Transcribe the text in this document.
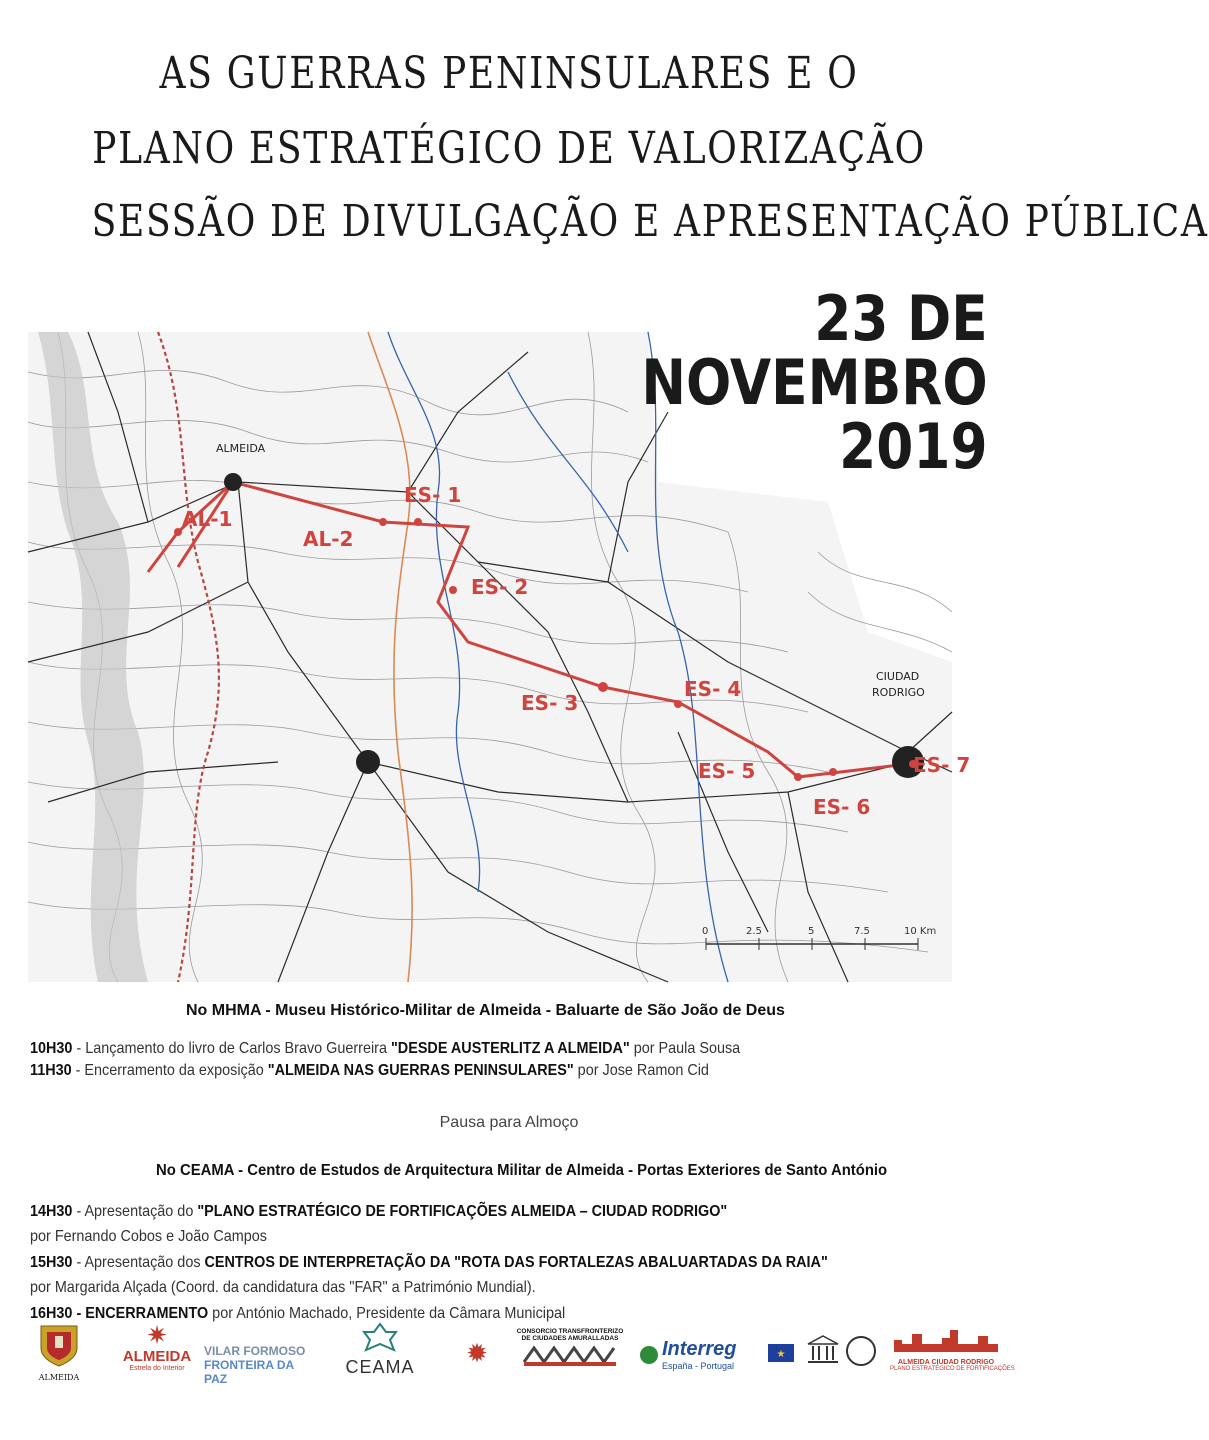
AS GUERRAS PENINSULARES E O
PLANO ESTRATÉGICO DE VALORIZAÇÃO
SESSÃO DE DIVULGAÇÃO E APRESENTAÇÃO PÚBLICA
ALMEIDA
CIUDAD
RODRIGO
AL-1
AL-2
ES- 1
ES- 2
ES- 3
ES- 4
ES- 5
ES- 6
ES- 7
0	2.5	5	7.5	10 Km
23 DE
NOVEMBRO
2019
No MHMA - Museu Histórico-Militar de Almeida - Baluarte de São João de Deus
10H30 - Lançamento do livro de Carlos Bravo Guerreira "DESDE AUSTERLITZ A ALMEIDA" por Paula Sousa
11H30 - Encerramento da exposição "ALMEIDA NAS GUERRAS PENINSULARES" por Jose Ramon Cid
Pausa para Almoço
No CEAMA - Centro de Estudos de Arquitectura Militar de Almeida - Portas Exteriores de Santo António
14H30 - Apresentação do "PLANO ESTRATÉGICO DE FORTIFICAÇÕES ALMEIDA – CIUDAD RODRIGO"
por Fernando Cobos e João Campos
15H30 - Apresentação dos CENTROS DE INTERPRETAÇÃO DA "ROTA DAS FORTALEZAS ABALUARTADAS DA RAIA"
por Margarida Alçada (Coord. da candidatura das "FAR" a Património Mundial).
16H30 - ENCERRAMENTO por António Machado, Presidente da Câmara Municipal
ALMEIDA
✷
ALMEIDA
Estrela do Interior
VILAR FORMOSO
FRONTEIRA DA PAZ
CEAMA	✹
CONSORCIO TRANSFRONTERIZO
DE CIUDADES AMURALLADAS	Interreg
España - Portugal
★
ALMEIDA CIUDAD RODRIGO
PLANO ESTRATÉGICO DE FORTIFICAÇÕES
